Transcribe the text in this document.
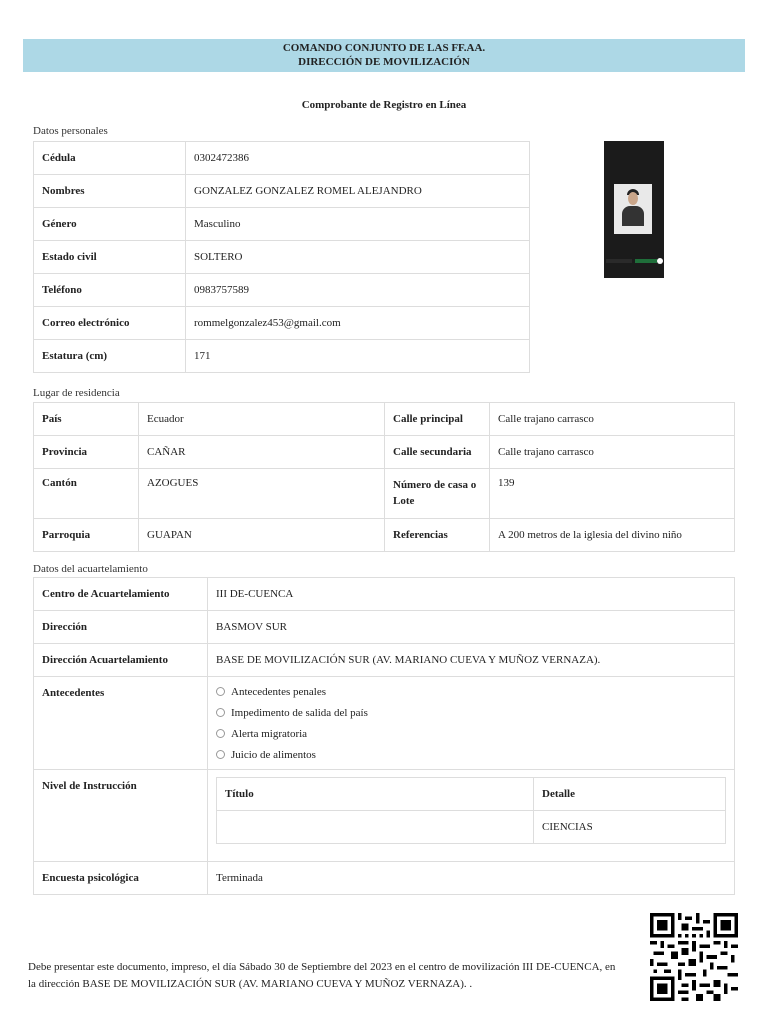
COMANDO CONJUNTO DE LAS FF.AA.
DIRECCIÓN DE MOVILIZACIÓN
Comprobante de Registro en Línea
Datos personales
Cédula	0302472386
Nombres	GONZALEZ GONZALEZ ROMEL ALEJANDRO
Género	Masculino
Estado civil	SOLTERO
Teléfono	0983757589
Correo electrónico	rommelgonzalez453@gmail.com
Estatura (cm)	171
Lugar de residencia
País	Ecuador	Calle principal	Calle trajano carrasco
Provincia	CAÑAR	Calle secundaria	Calle trajano carrasco
Cantón	AZOGUES	Número de casa o Lote	139
Parroquia	GUAPAN	Referencias	A 200 metros de la iglesia del divino niño
Datos del acuartelamiento
Centro de Acuartelamiento	III DE-CUENCA
Dirección	BASMOV SUR
Dirección Acuartelamiento	BASE DE MOVILIZACIÓN SUR (AV. MARIANO CUEVA Y MUÑOZ VERNAZA).
Antecedentes	Antecedentes penales
Impedimento de salida del país
Alerta migratoria
Juicio de alimentos

Nivel de Instrucción	
Título	Detalle
	CIENCIAS

Encuesta psicológica	Terminada
Debe presentar este documento, impreso, el día Sábado 30 de Septiembre del 2023 en el centro de movilización III DE-CUENCA, en
la dirección BASE DE MOVILIZACIÓN SUR (AV. MARIANO CUEVA Y MUÑOZ VERNAZA). .
